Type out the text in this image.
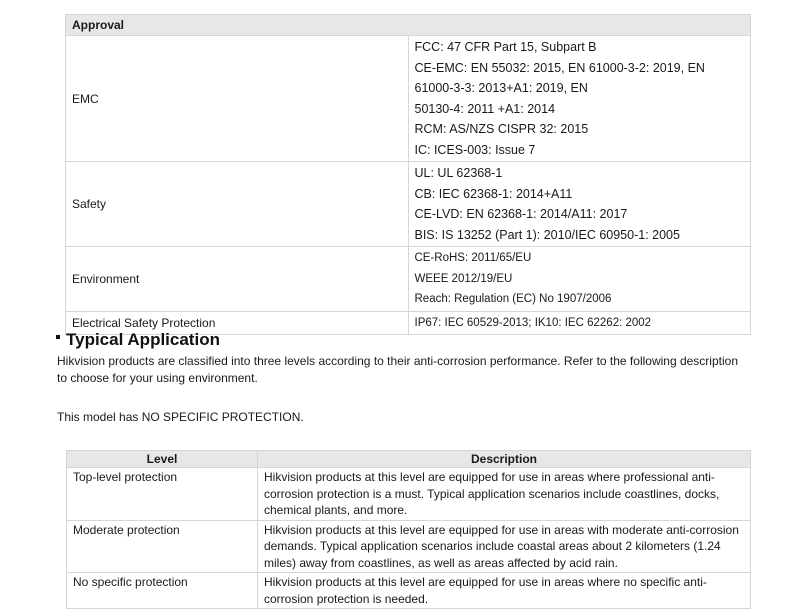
Approval	
EMC	FCC: 47 CFR Part 15, Subpart B
CE-EMC: EN 55032: 2015, EN 61000-3-2: 2019, EN 61000-3-3: 2013+A1: 2019, EN
50130-4: 2011 +A1: 2014
RCM: AS/NZS CISPR 32: 2015
IC: ICES-003: Issue 7

Safety	UL: UL 62368-1
CB: IEC 62368-1: 2014+A11
CE-LVD: EN 62368-1: 2014/A11: 2017
BIS: IS 13252 (Part 1): 2010/IEC 60950-1: 2005

Environment	CE-RoHS: 2011/65/EU
WEEE 2012/19/EU
Reach: Regulation (EC) No 1907/2006

Electrical Safety Protection	IP67: IEC 60529-2013; IK10: IEC 62262: 2002
Typical Application

Hikvision products are classified into three levels according to their anti-corrosion performance. Refer to the following description to choose for your using environment.

This model has NO SPECIFIC PROTECTION.

Level	Description
Top-level protection	Hikvision products at this level are equipped for use in areas where professional anti-corrosion protection is a must. Typical application scenarios include coastlines, docks, chemical plants, and more.
Moderate protection	Hikvision products at this level are equipped for use in areas with moderate anti-corrosion demands. Typical application scenarios include coastal areas about 2 kilometers (1.24 miles) away from coastlines, as well as areas affected by acid rain.
No specific protection	Hikvision products at this level are equipped for use in areas where no specific anti-corrosion protection is needed.
